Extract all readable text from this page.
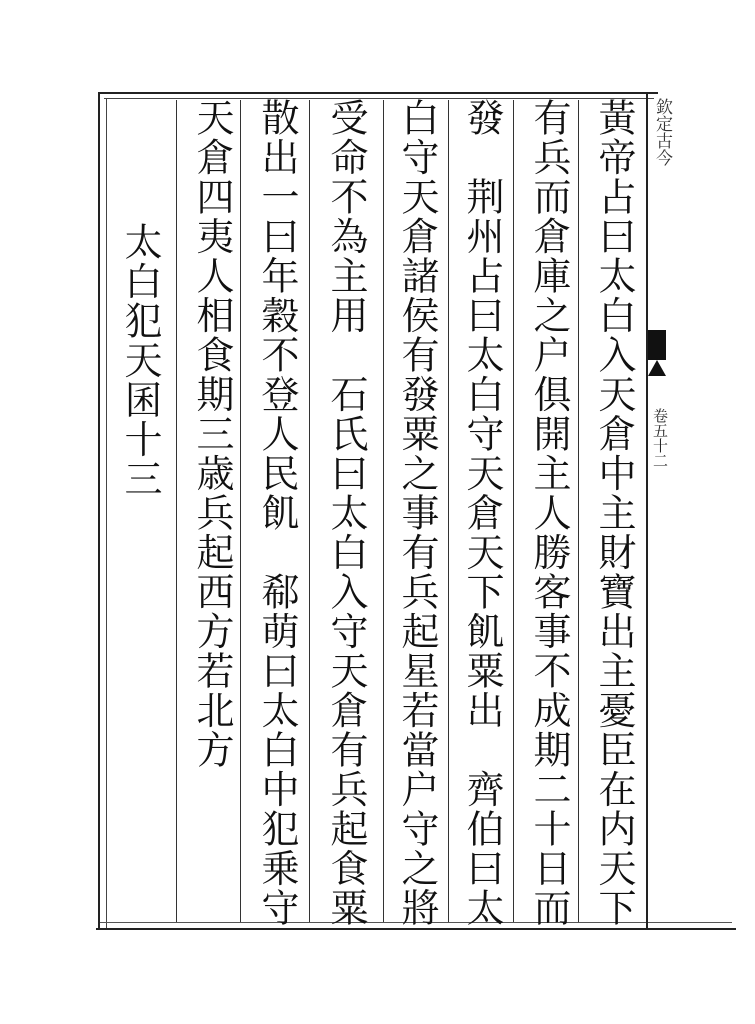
欽定古今
卷五十二
黃帝占曰太白入天倉中主財寶出主憂臣在内天下
有兵而倉庫之户俱開主人勝客事不成期二十日而
發　荆州占曰太白守天倉天下飢粟出　齊伯曰太
白守天倉諸侯有發粟之事有兵起星若當户守之將
受命不為主用　石氏曰太白入守天倉有兵起食粟
散出一曰年穀不登人民飢　郗萌曰太白中犯乗守
天倉四夷人相食期三歳兵起西方若北方
太白犯天囷十三
